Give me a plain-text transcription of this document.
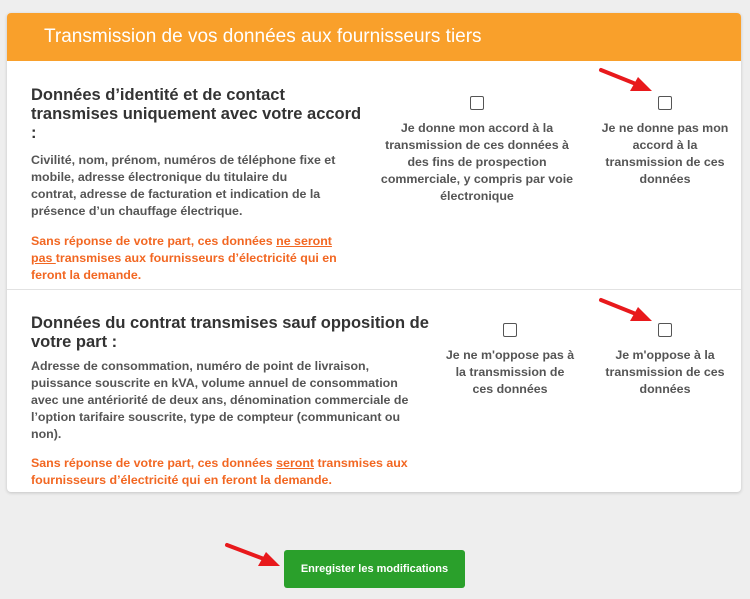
Transmission de vos données aux fournisseurs tiers
Données d’identité et de contact
transmises uniquement avec votre accord
:

Civilité, nom, prénom, numéros de téléphone fixe et
mobile, adresse électronique du titulaire du
contrat, adresse de facturation et indication de la
présence d’un chauffage électrique.

Sans réponse de votre part, ces données ne seront
pas transmises aux fournisseurs d’électricité qui en
feront la demande.

Je donne mon accord à la
transmission de ces données à
des fins de prospection
commerciale, y compris par voie
électronique
Je ne donne pas mon
accord à la
transmission de ces
données
Données du contrat transmises sauf opposition de
votre part :

Adresse de consommation, numéro de point de livraison,
puissance souscrite en kVA, volume annuel de consommation
avec une antériorité de deux ans, dénomination commerciale de
l’option tarifaire souscrite, type de compteur (communicant ou
non).

Sans réponse de votre part, ces données seront transmises aux
fournisseurs d’électricité qui en feront la demande.

Je ne m'oppose pas à
la transmission de
ces données
Je m'oppose à la
transmission de ces
données
Enregister les modifications
